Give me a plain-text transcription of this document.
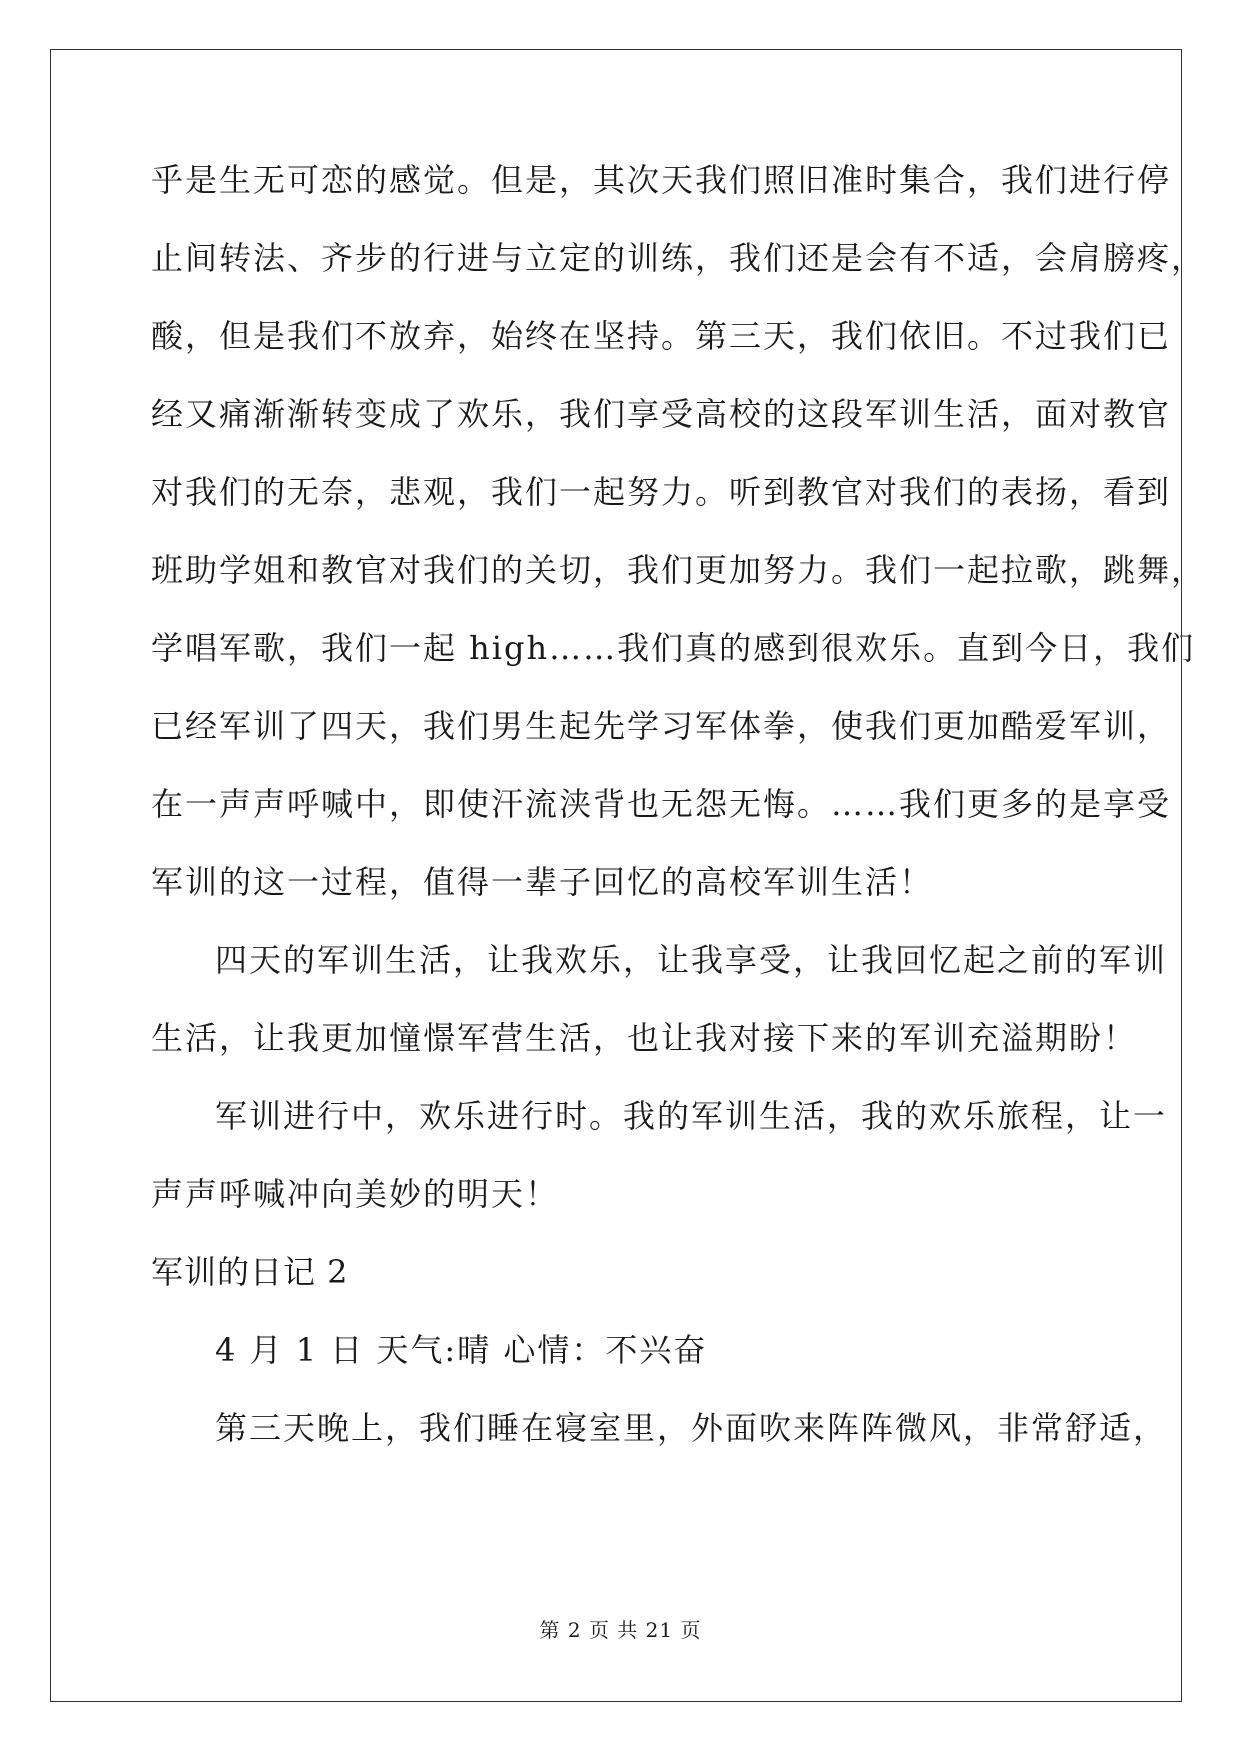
乎是生无可恋的感觉。但是，其次天我们照旧准时集合，我们进行停
止间转法、齐步的行进与立定的训练，我们还是会有不适，会肩膀疼，
酸，但是我们不放弃，始终在坚持。第三天，我们依旧。不过我们已
经又痛渐渐转变成了欢乐，我们享受高校的这段军训生活，面对教官
对我们的无奈，悲观，我们一起努力。听到教官对我们的表扬，看到
班助学姐和教官对我们的关切，我们更加努力。我们一起拉歌，跳舞，
学唱军歌，我们一起 high……我们真的感到很欢乐。直到今日，我们
已经军训了四天，我们男生起先学习军体拳，使我们更加酷爱军训，
在一声声呼喊中，即使汗流浃背也无怨无悔。……我们更多的是享受
军训的这一过程，值得一辈子回忆的高校军训生活！
四天的军训生活，让我欢乐，让我享受，让我回忆起之前的军训
生活，让我更加憧憬军营生活，也让我对接下来的军训充溢期盼！
军训进行中，欢乐进行时。我的军训生活，我的欢乐旅程，让一
声声呼喊冲向美妙的明天！
军训的日记 2
4 月 1 日 天气:晴 心情：不兴奋
第三天晚上，我们睡在寝室里，外面吹来阵阵微风，非常舒适，
第 2 页 共 21 页
